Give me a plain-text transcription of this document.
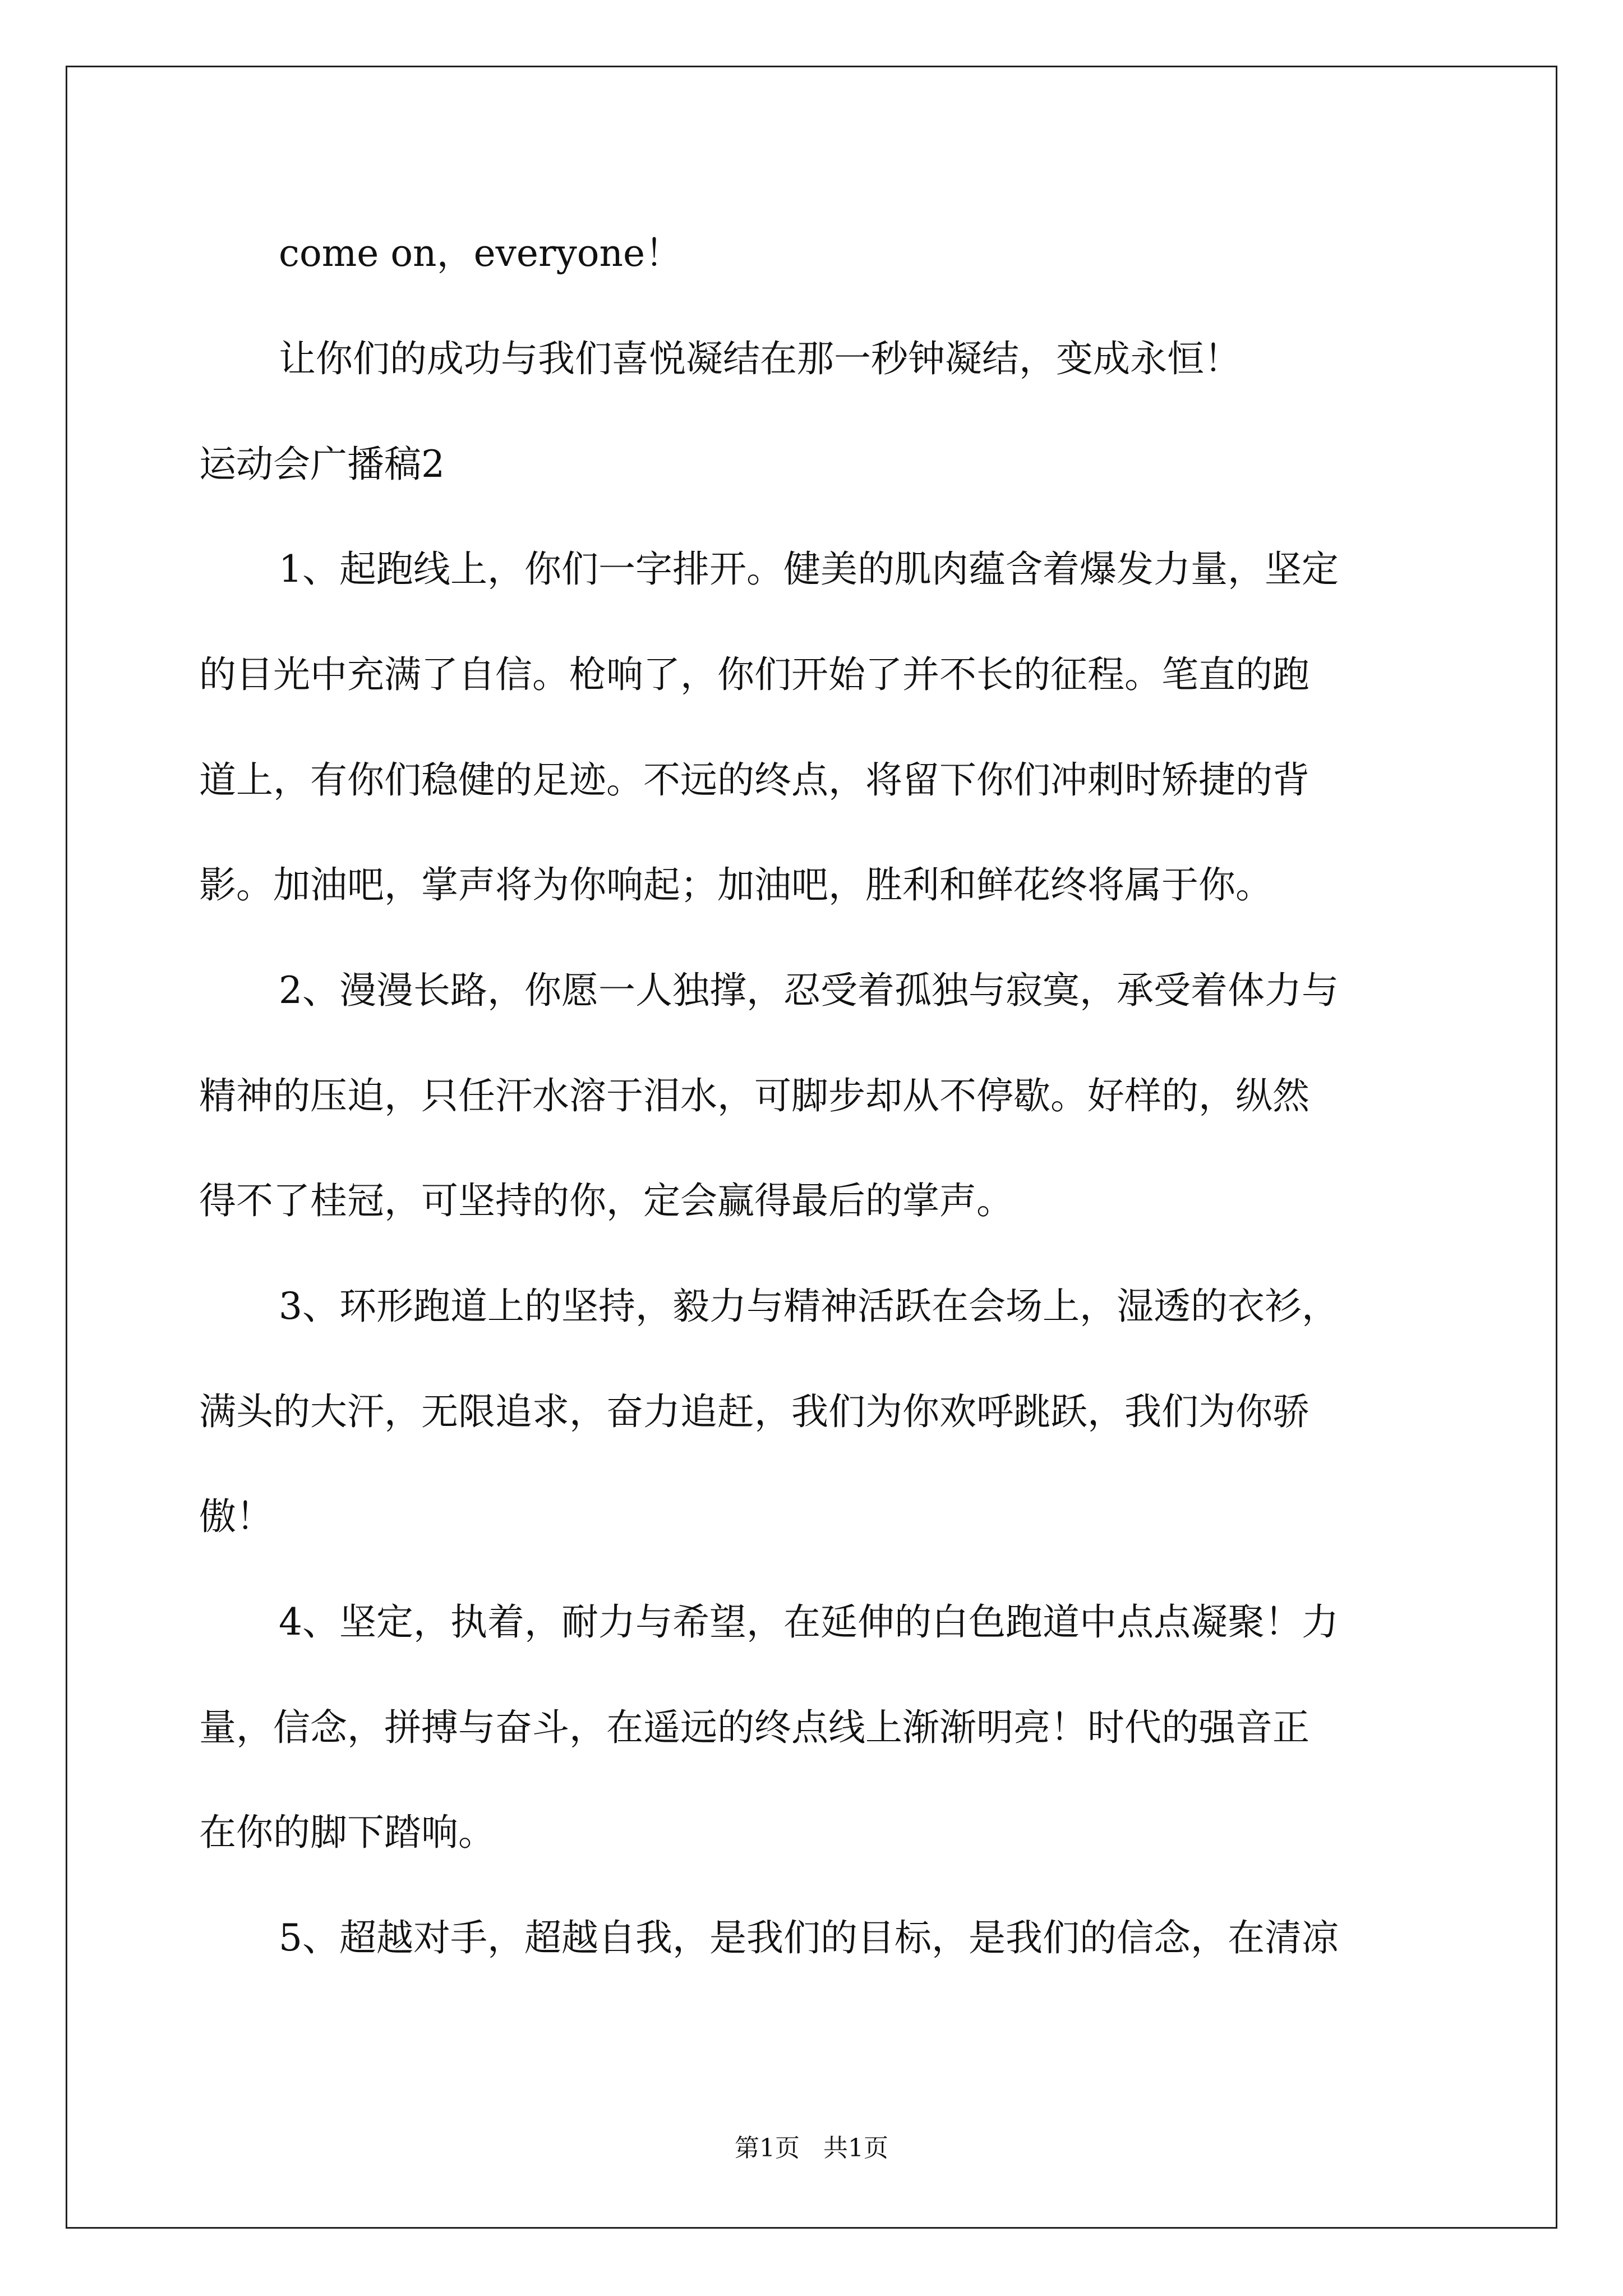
come on，everyone！
让你们的成功与我们喜悦凝结在那一秒钟凝结，变成永恒！
运动会广播稿2
1、起跑线上，你们一字排开。健美的肌肉蕴含着爆发力量，坚定
的目光中充满了自信。枪响了，你们开始了并不长的征程。笔直的跑
道上，有你们稳健的足迹。不远的终点，将留下你们冲刺时矫捷的背
影。加油吧，掌声将为你响起；加油吧，胜利和鲜花终将属于你。
2、漫漫长路，你愿一人独撑，忍受着孤独与寂寞，承受着体力与
精神的压迫，只任汗水溶于泪水，可脚步却从不停歇。好样的，纵然
得不了桂冠，可坚持的你，定会赢得最后的掌声。
3、环形跑道上的坚持，毅力与精神活跃在会场上，湿透的衣衫，
满头的大汗，无限追求，奋力追赶，我们为你欢呼跳跃，我们为你骄
傲！
4、坚定，执着，耐力与希望，在延伸的白色跑道中点点凝聚！力
量，信念，拼搏与奋斗，在遥远的终点线上渐渐明亮！时代的强音正
在你的脚下踏响。
5、超越对手，超越自我，是我们的目标，是我们的信念，在清凉
第1页   共1页
